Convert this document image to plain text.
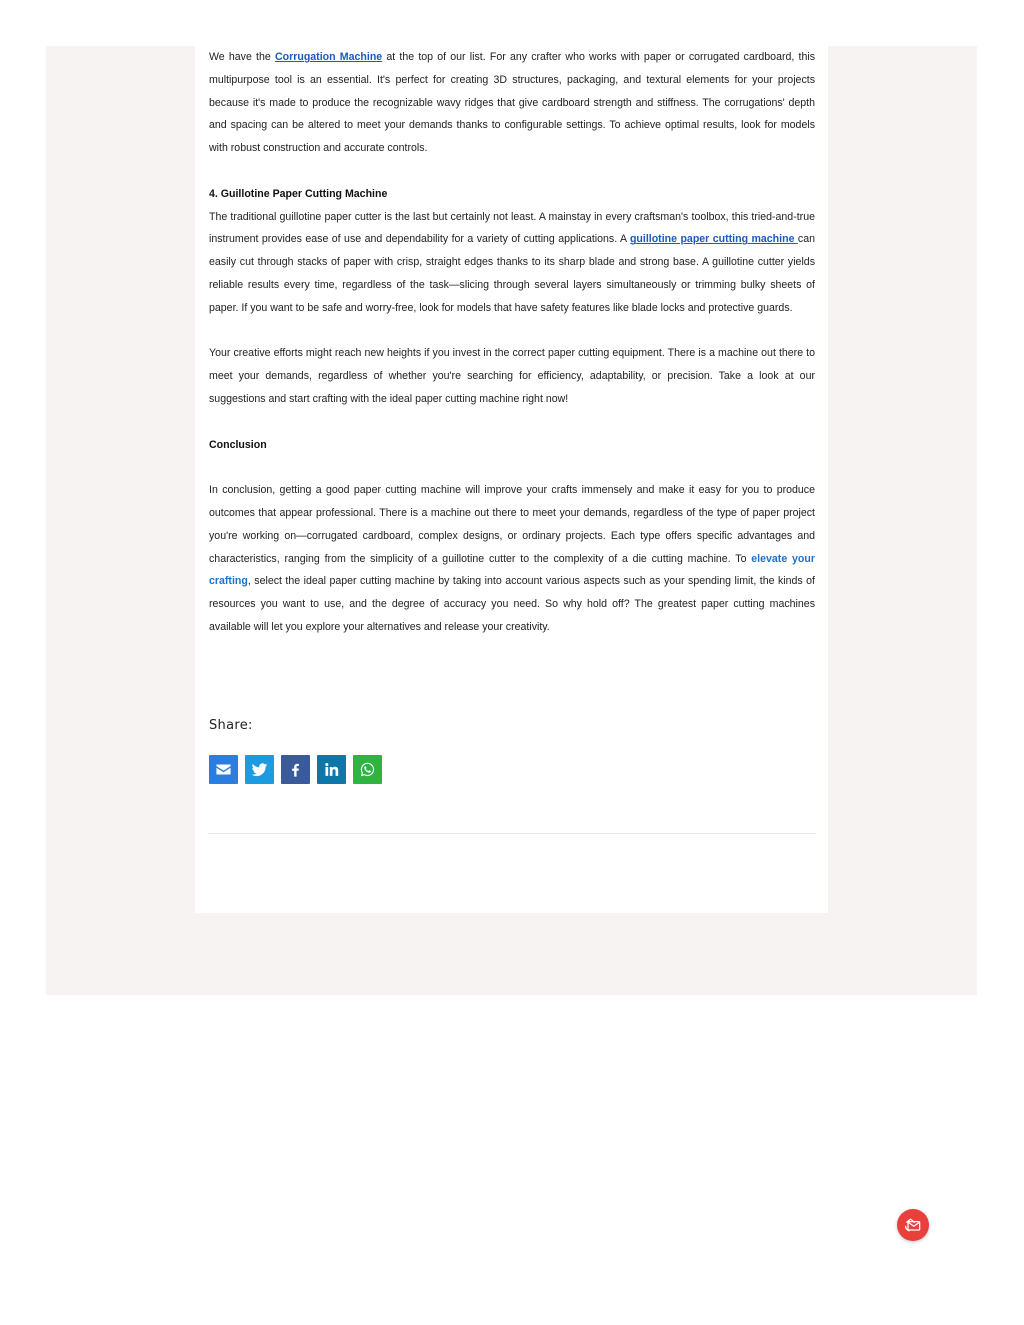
We have the Corrugation Machine at the top of our list. For any crafter who works with paper or corrugated cardboard, this multipurpose tool is an essential. It's perfect for creating 3D structures, packaging, and textural elements for your projects because it's made to produce the recognizable wavy ridges that give cardboard strength and stiffness. The corrugations' depth and spacing can be altered to meet your demands thanks to configurable settings. To achieve optimal results, look for models with robust construction and accurate controls.

4. Guillotine Paper Cutting Machine

The traditional guillotine paper cutter is the last but certainly not least. A mainstay in every craftsman's toolbox, this tried-and-true instrument provides ease of use and dependability for a variety of cutting applications. A guillotine paper cutting machine can easily cut through stacks of paper with crisp, straight edges thanks to its sharp blade and strong base. A guillotine cutter yields reliable results every time, regardless of the task—slicing through several layers simultaneously or trimming bulky sheets of paper. If you want to be safe and worry-free, look for models that have safety features like blade locks and protective guards.

Your creative efforts might reach new heights if you invest in the correct paper cutting equipment. There is a machine out there to meet your demands, regardless of whether you're searching for efficiency, adaptability, or precision. Take a look at our suggestions and start crafting with the ideal paper cutting machine right now!

Conclusion

In conclusion, getting a good paper cutting machine will improve your crafts immensely and make it easy for you to produce outcomes that appear professional. There is a machine out there to meet your demands, regardless of the type of paper project you're working on—corrugated cardboard, complex designs, or ordinary projects. Each type offers specific advantages and characteristics, ranging from the simplicity of a guillotine cutter to the complexity of a die cutting machine. To elevate your crafting, select the ideal paper cutting machine by taking into account various aspects such as your spending limit, the kinds of resources you want to use, and the degree of accuracy you need. So why hold off? The greatest paper cutting machines available will let you explore your alternatives and release your creativity.

Share:
